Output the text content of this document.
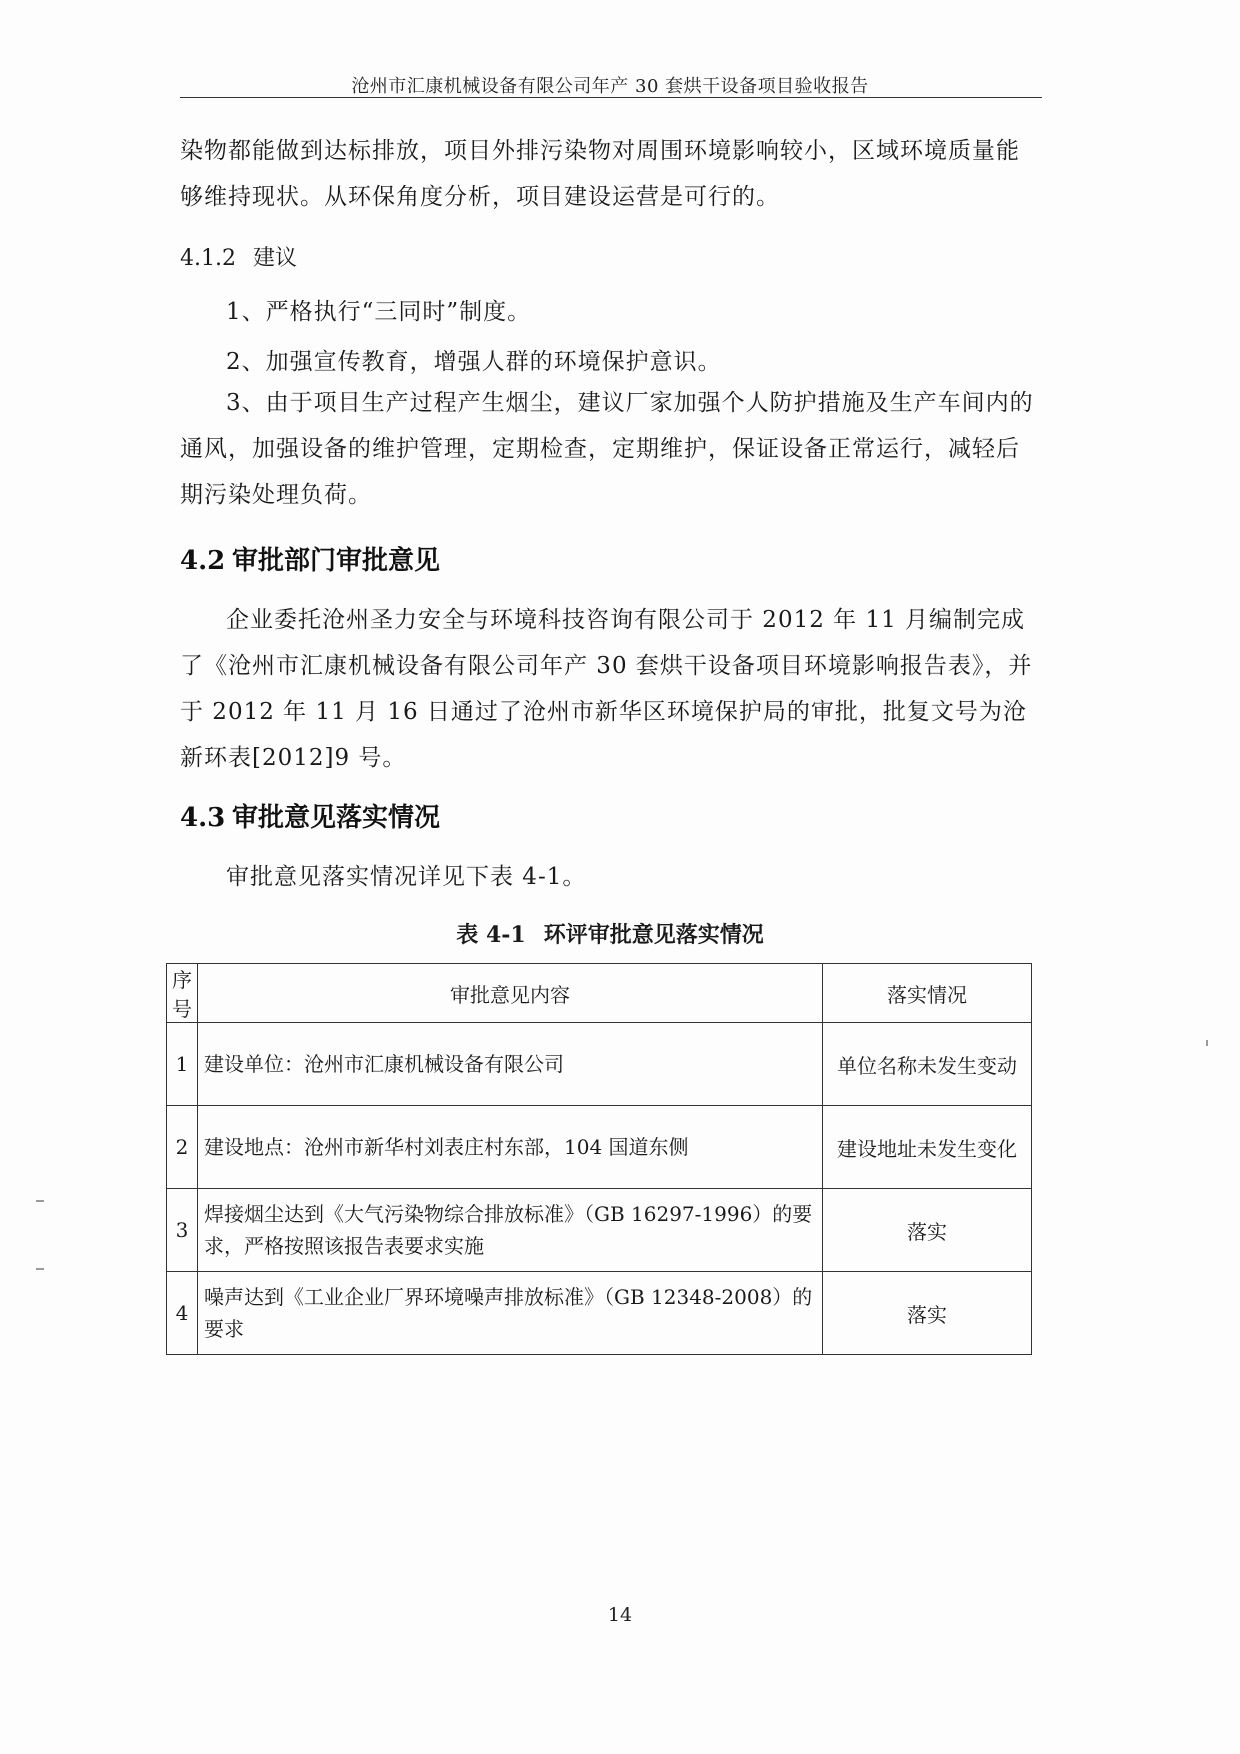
沧州市汇康机械设备有限公司年产 30 套烘干设备项目验收报告

染物都能做到达标排放，项目外排污染物对周围环境影响较小，区域环境质量能够维持现状。从环保角度分析，项目建设运营是可行的。

4.1.2 建议
1、严格执行“三同时”制度。
2、加强宣传教育，增强人群的环境保护意识。

3、由于项目生产过程产生烟尘，建议厂家加强个人防护措施及生产车间内的通风，加强设备的维护管理，定期检查，定期维护，保证设备正常运行，减轻后期污染处理负荷。

4.2 审批部门审批意见

企业委托沧州圣力安全与环境科技咨询有限公司于 2012 年 11 月编制完成了《沧州市汇康机械设备有限公司年产 30 套烘干设备项目环境影响报告表》，并于 2012 年 11 月 16 日通过了沧州市新华区环境保护局的审批，批复文号为沧新环表[2012]9 号。

4.3 审批意见落实情况
审批意见落实情况详见下表 4-1。
表 4-1 环评审批意见落实情况
序号	审批意见内容	落实情况
1	建设单位：沧州市汇康机械设备有限公司	单位名称未发生变动
2	建设地点：沧州市新华村刘表庄村东部，104 国道东侧	建设地址未发生变化
3	焊接烟尘达到《大气污染物综合排放标准》（GB 16297-1996）的要求，严格按照该报告表要求实施	落实
4	噪声达到《工业企业厂界环境噪声排放标准》（GB 12348-2008）的要求	落实
14
